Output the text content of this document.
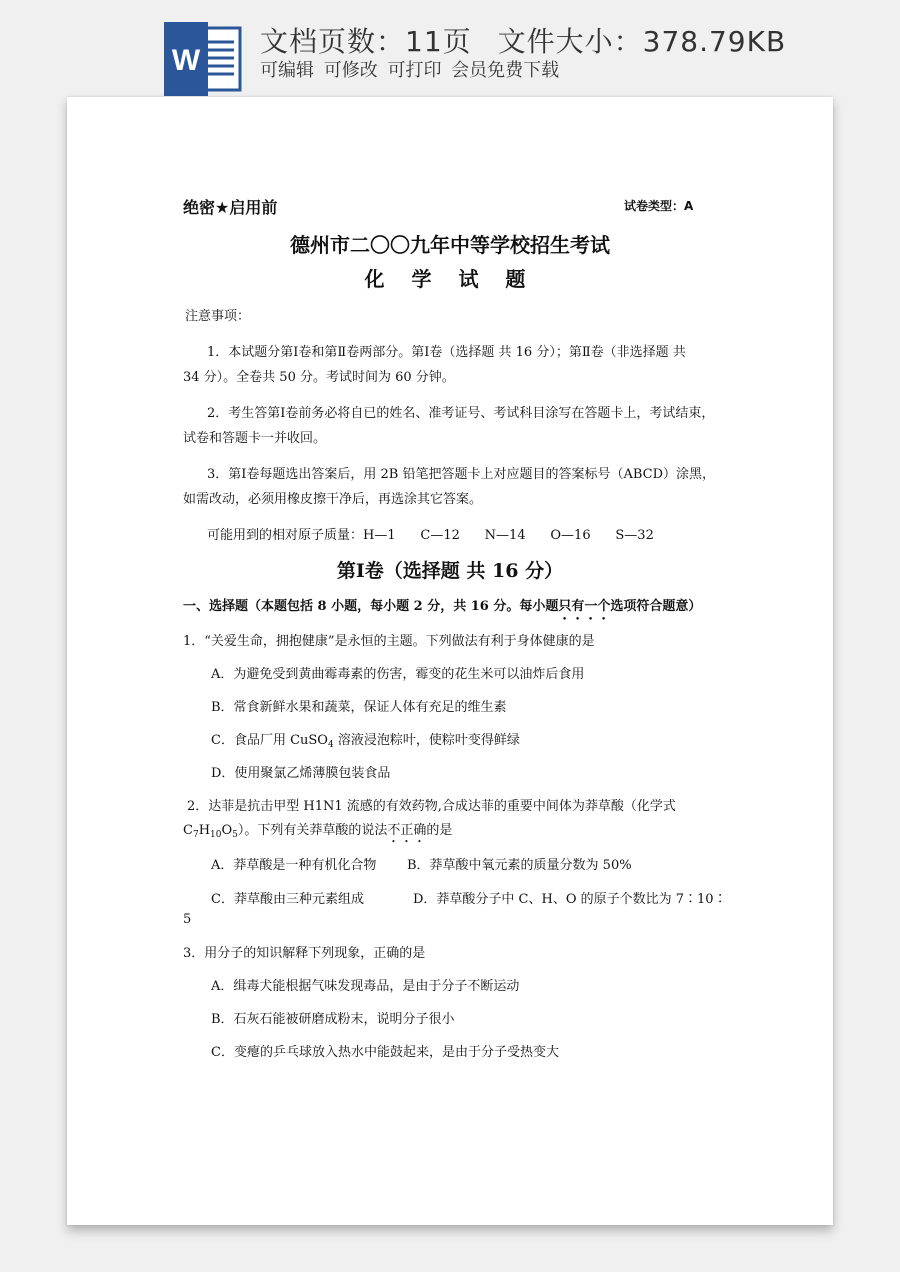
W
文档页数：11页 文件大小：378.79KB
可编辑 可修改 可打印 会员免费下载
绝密★启用前	试卷类型：A
德州市二〇〇九年中等学校招生考试
化 学 试 题
注意事项：
1．本试题分第Ⅰ卷和第Ⅱ卷两部分。第Ⅰ卷（选择题 共 16 分）；第Ⅱ卷（非选择题 共
34 分）。全卷共 50 分。考试时间为 60 分钟。
2．考生答第Ⅰ卷前务必将自已的姓名、准考证号、考试科目涂写在答题卡上，考试结束，
试卷和答题卡一并收回。
3．第Ⅰ卷每题选出答案后，用 2B 铅笔把答题卡上对应题目的答案标号（ABCD）涂黑，
如需改动，必须用橡皮擦干净后，再选涂其它答案。
可能用到的相对原子质量：H—1      C—12      N—14      O—16      S—32
第Ⅰ卷（选择题 共 16 分）
一、选择题（本题包括 8 小题，每小题 2 分，共 16 分。每小题只有一个选项符合题意）
1．“关爱生命，拥抱健康”是永恒的主题。下列做法有利于身体健康的是
A．为避免受到黄曲霉毒素的伤害，霉变的花生米可以油炸后食用
B．常食新鲜水果和蔬菜，保证人体有充足的维生素
C．食品厂用 CuSO$_4$ 溶液浸泡粽叶，使粽叶变得鲜绿
D．使用聚氯乙烯薄膜包装食品
2．达菲是抗击甲型 H1N1 流感的有效药物,合成达菲的重要中间体为莽草酸（化学式
$C_7H_{10}O_5$）。下列有关莽草酸的说法不正确的是
A．莽草酸是一种有机化合物 B．莽草酸中氧元素的质量分数为 50%
C．莽草酸由三种元素组成	D．莽草酸分子中 C、H、O 的原子个数比为 7∶10∶
5
3．用分子的知识解释下列现象，正确的是
A．缉毒犬能根据气味发现毒品，是由于分子不断运动
B．石灰石能被研磨成粉末，说明分子很小
C．变瘪的乒乓球放入热水中能鼓起来，是由于分子受热变大
